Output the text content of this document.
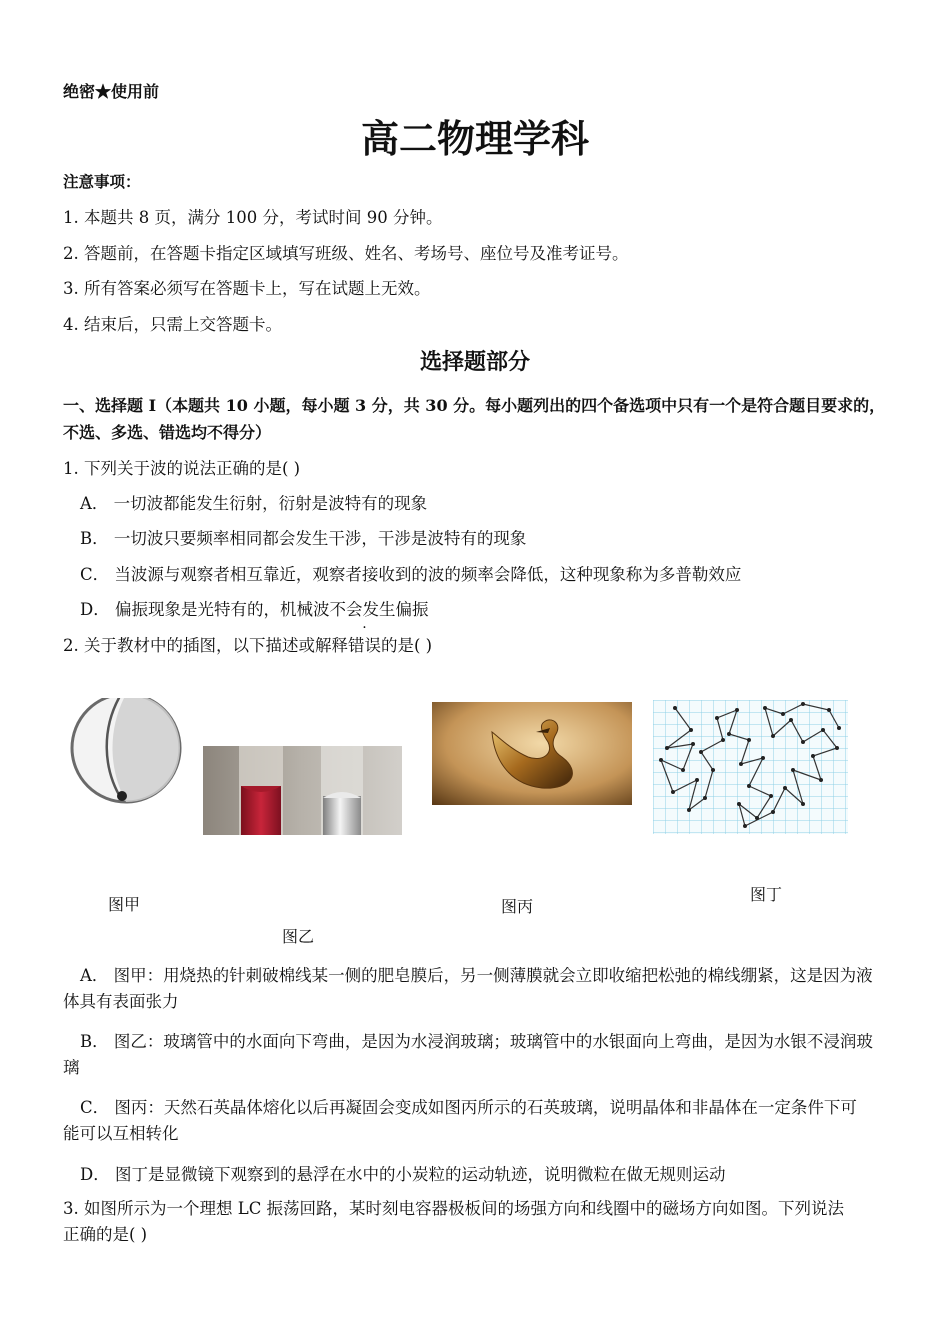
绝密★使用前
高二物理学科
注意事项：
1. 本题共 8 页，满分 100 分，考试时间 90 分钟。
2. 答题前，在答题卡指定区域填写班级、姓名、考场号、座位号及准考证号。
3. 所有答案必须写在答题卡上，写在试题上无效。
4. 结束后，只需上交答题卡。
选择题部分
一、选择题 Ⅰ（本题共 10 小题，每小题 3 分，共 30 分。每小题列出的四个备选项中只有一个是符合题目要求的，不选、多选、错选均不得分）
1. 下列关于波的说法正确的是( )
A． 一切波都能发生衍射，衍射是波特有的现象
B． 一切波只要频率相同都会发生干涉，干涉是波特有的现象
C． 当波源与观察者相互靠近，观察者接收到的波的频率会降低，这种现象称为多普勒效应
D． 偏振现象是光特有的，机械波不会发生偏振
2. 关于教材中的插图，以下描述或解释错误的是( )
图甲
图乙
图丙
图丁
A． 图甲：用烧热的针刺破棉线某一侧的肥皂膜后，另一侧薄膜就会立即收缩把松弛的棉线绷紧，这是因为液体具有表面张力
B． 图乙：玻璃管中的水面向下弯曲，是因为水浸润玻璃；玻璃管中的水银面向上弯曲，是因为水银不浸润玻璃
C． 图丙：天然石英晶体熔化以后再凝固会变成如图丙所示的石英玻璃，说明晶体和非晶体在一定条件下可能可以互相转化
D． 图丁是显微镜下观察到的悬浮在水中的小炭粒的运动轨迹，说明微粒在做无规则运动
3. 如图所示为一个理想 LC 振荡回路，某时刻电容器极板间的场强方向和线圈中的磁场方向如图。下列说法正确的是( )
